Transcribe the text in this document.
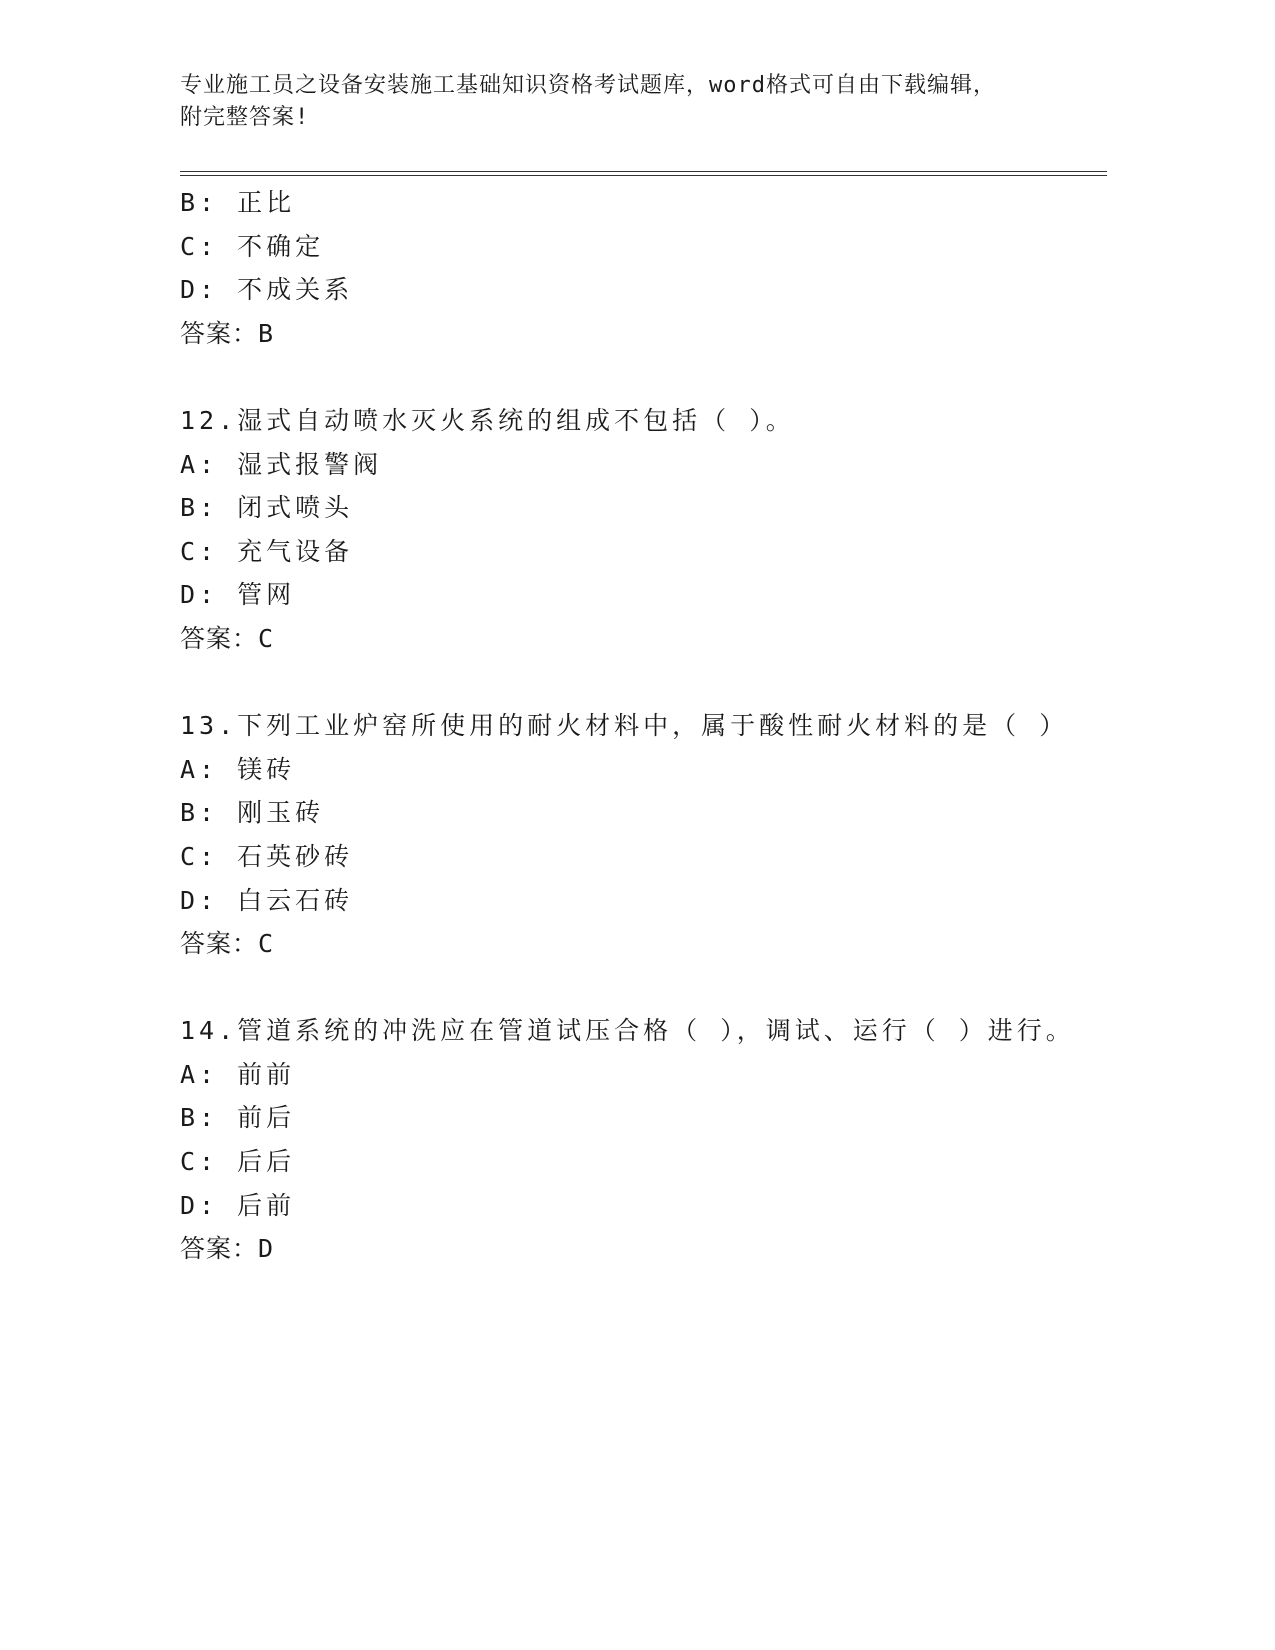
专业施工员之设备安装施工基础知识资格考试题库，word格式可自由下载编辑，
附完整答案!
B: 正比
C: 不确定
D: 不成关系
答案：B
12.湿式自动喷水灭火系统的组成不包括（ ）。
A: 湿式报警阀
B: 闭式喷头
C: 充气设备
D: 管网
答案：C
13.下列工业炉窑所使用的耐火材料中，属于酸性耐火材料的是（ ）
A: 镁砖
B: 刚玉砖
C: 石英砂砖
D: 白云石砖
答案：C
14.管道系统的冲洗应在管道试压合格（ ），调试、运行（ ）进行。
A: 前前
B: 前后
C: 后后
D: 后前
答案：D
